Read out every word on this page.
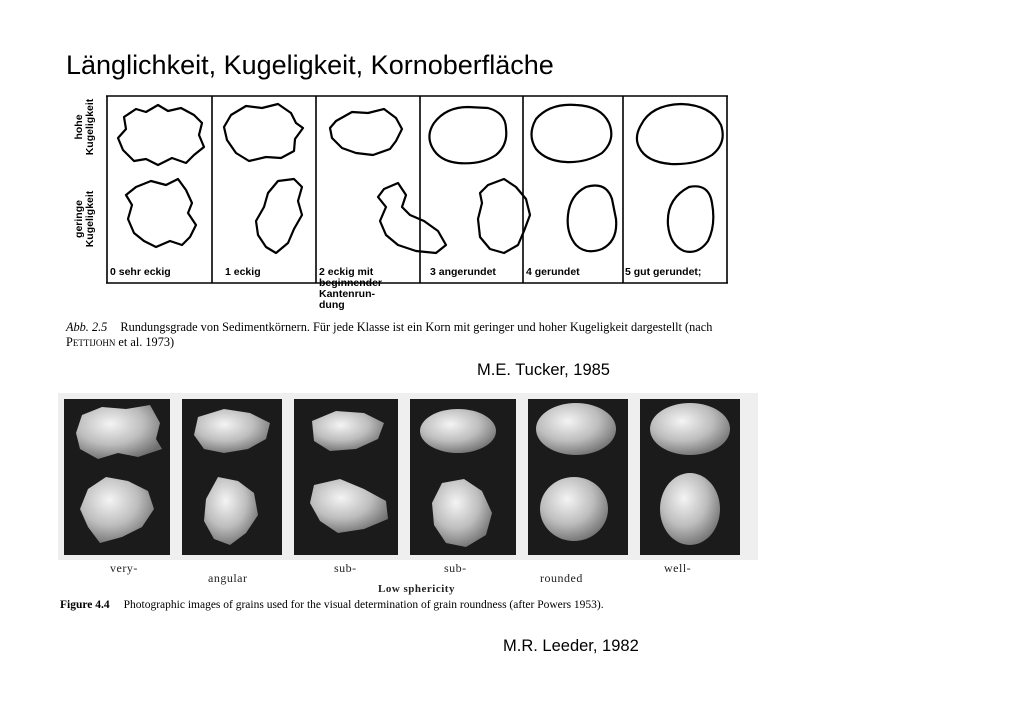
Länglichkeit, Kugeligkeit, Kornoberfläche
hohe
Kugeligkeit
geringe
Kugeligkeit
0 sehr eckig	1 eckig	2 eckig mit
beginnender
Kantenrun-
dung
3 angerundet	4 gerundet	5 gut gerundet;
Abb. 2.5 Rundungsgrade von Sedimentkörnern. Für jede Klasse ist ein Korn mit geringer und hoher Kugeligkeit dargestellt (nach Pettijohn et al. 1973)
M.E. Tucker, 1985
very-
angular
sub-	sub-
rounded
well-
Low sphericity
Figure 4.4 Photographic images of grains used for the visual determination of grain roundness (after Powers 1953).
M.R. Leeder, 1982
